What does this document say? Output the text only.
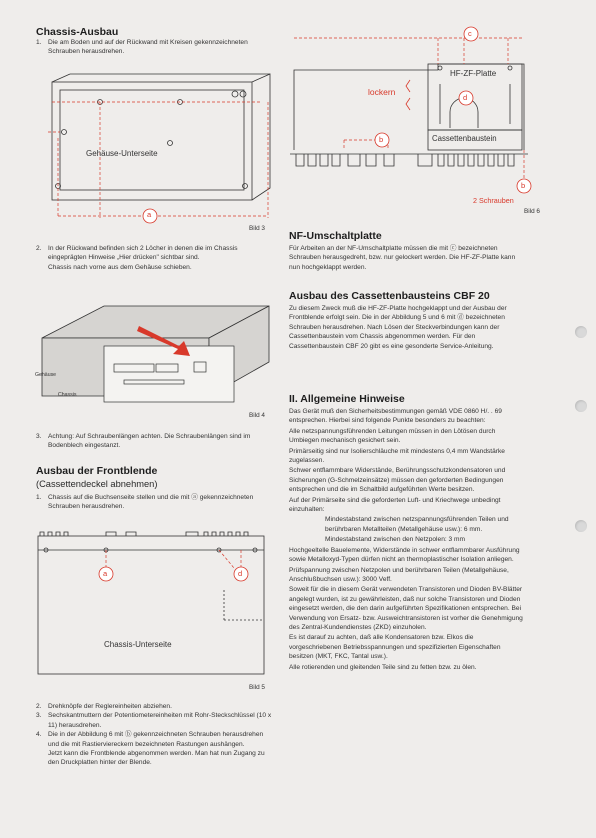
Chassis-Ausbau
1. Die am Boden und auf der Rückwand mit Kreisen gekennzeichneten Schrauben herausdrehen.
Gehäuse-Unterseite
a
Bild 3
2. In der Rückwand befinden sich 2 Löcher in denen die im Chassis eingeprägten Hinweise „Hier drücken" sichtbar sind.
Chassis nach vorne aus dem Gehäuse schieben.
Gehäuse
Chassis
Bild 4
3. Achtung: Auf Schraubenlängen achten. Die Schraubenlängen sind im Bodenblech eingestanzt.
Ausbau der Frontblende
(Cassettendeckel abnehmen)
1. Chassis auf die Buchsenseite stellen und die mit ⓐ gekennzeichneten Schrauben herausdrehen.
a	d
Chassis-Unterseite
Bild 5
2. Drehknöpfe der Reglereinheiten abziehen.
3. Sechskantmuttern der Potentiometereinheiten mit Rohr-Steckschlüssel (10 x 11) herausdrehen.
4. Die in der Abbildung 6 mit ⓑ gekennzeichneten Schrauben herausdrehen und die mit Rastierviereckern bezeichneten Rastungen aushängen.
Jetzt kann die Frontblende abgenommen werden. Man hat nun Zugang zu den Druckplatten hinter der Blende.
c
d
b
b
HF-ZF-Platte
Cassettenbaustein
lockern
2 Schrauben
Bild 6
NF-Umschaltplatte
Für Arbeiten an der NF-Umschaltplatte müssen die mit ⓒ bezeichneten Schrauben herausgedreht, bzw. nur gelockert werden. Die HF-ZF-Platte kann nun hochgeklappt werden.
Ausbau des Cassettenbausteins CBF 20
Zu diesem Zweck muß die HF-ZF-Platte hochgeklappt und der Ausbau der Frontblende erfolgt sein. Die in der Abbildung 5 und 6 mit ⓓ bezeichneten Schrauben herausdrehen. Nach Lösen der Steckverbindungen kann der Cassettenbaustein vom Chassis abgenommen werden. Für den Cassettenbaustein CBF 20 gibt es eine gesonderte Service-Anleitung.
II. Allgemeine Hinweise

Das Gerät muß den Sicherheitsbestimmungen gemäß VDE 0860 H/. . 69 entsprechen. Hierbei sind folgende Punkte besonders zu beachten:

Alle netzspannungsführenden Leitungen müssen in den Lötösen durch Umbiegen mechanisch gesichert sein.

Primärseitig sind nur Isolierschläuche mit mindestens 0,4 mm Wandstärke zugelassen.

Schwer entflammbare Widerstände, Berührungsschutzkondensatoren und Sicherungen (G-Schmelzeinsätze) müssen den geforderten Bedingungen entsprechen und die im Schaltbild aufgeführten Werte besitzen.

Auf der Primärseite sind die geforderten Luft- und Kriechwege unbedingt einzuhalten:

Mindestabstand zwischen netzspannungsführenden Teilen und berührbaren Metallteilen (Metallgehäuse usw.): 6 mm.

Mindestabstand zwischen den Netzpolen: 3 mm

Hochgeeltelle Bauelemente, Widerstände in schwer entflammbarer Ausführung sowie Metalloxyd-Typen dürfen nicht an thermoplastischer Isolation anliegen.

Prüfspannung zwischen Netzpolen und berührbaren Teilen (Metallgehäuse, Anschlußbuchsen usw.): 3000 Veff.

Soweit für die in diesem Gerät verwendeten Transistoren und Dioden BV-Blätter angelegt wurden, ist zu gewährleisten, daß nur solche Transistoren und Dioden eingesetzt werden, die den darin aufgeführten Spezifikationen entsprechen. Bei Verwendung von Ersatz- bzw. Ausweichtransistoren ist vorher die Genehmigung des Zentral-Kundendienstes (ZKD) einzuholen.

Es ist darauf zu achten, daß alle Kondensatoren bzw. Elkos die vorgeschriebenen Betriebsspannungen und spezifizierten Eigenschaften besitzen (MKT, FKC, Tantal usw.).

Alle rotierenden und gleitenden Teile sind zu fetten bzw. zu ölen.
